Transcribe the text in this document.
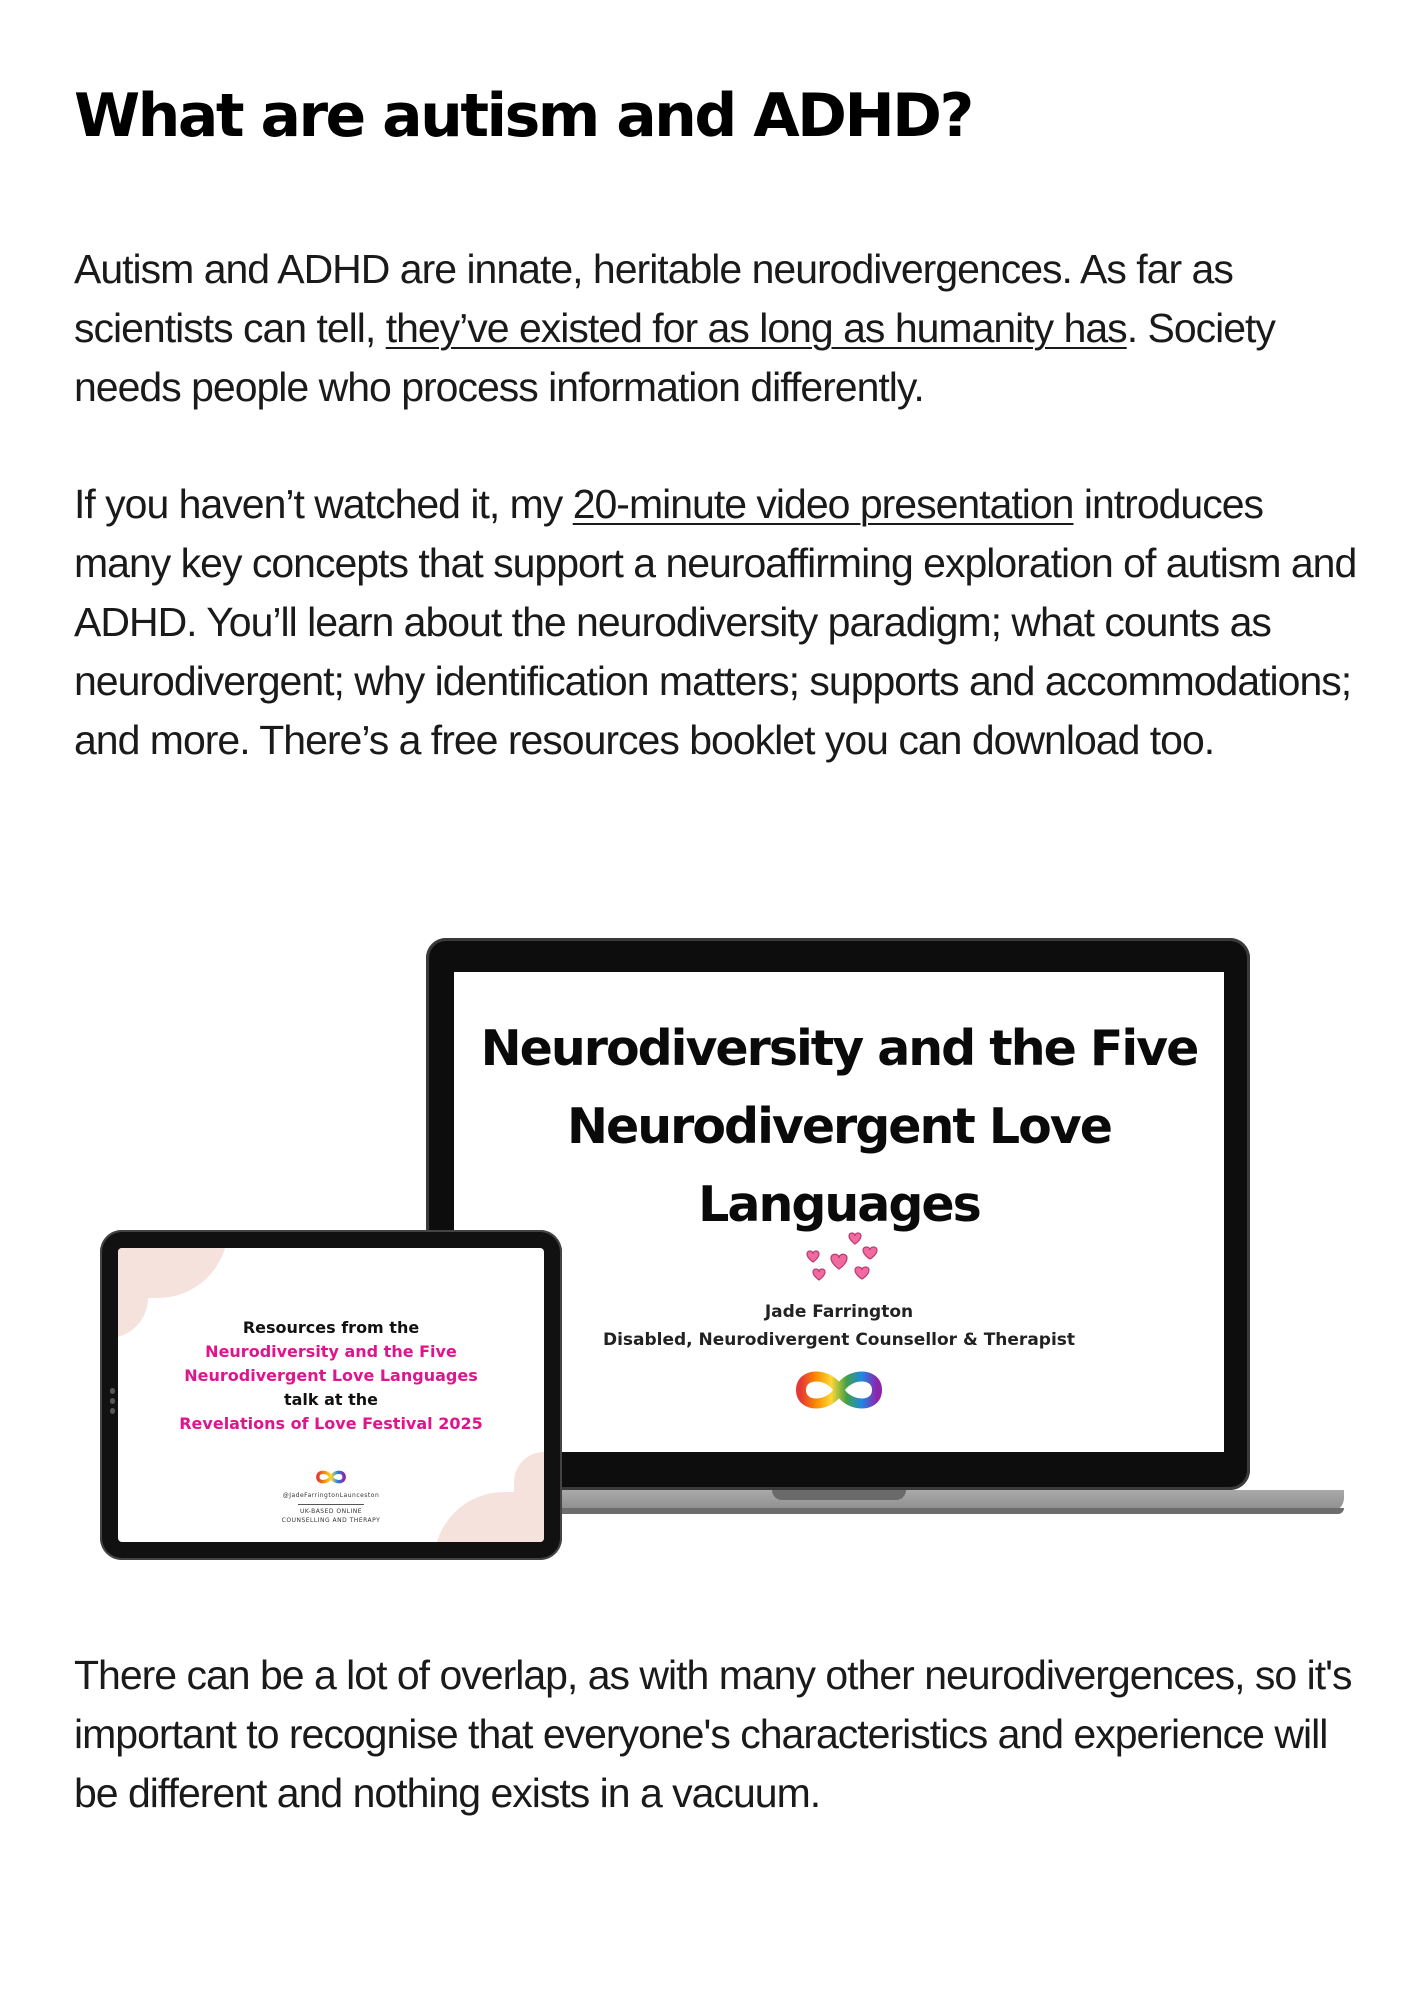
What are autism and ADHD?

Autism and ADHD are innate, heritable neurodivergences. As far as scientists can tell, they’ve existed for as long as humanity has. Society needs people who process information differently.

If you haven’t watched it, my 20-minute video presentation introduces many key concepts that support a neuroaffirming exploration of autism and ADHD. You’ll learn about the neurodiversity paradigm; what counts as neurodivergent; why identification matters; supports and accommodations; and more. There’s a free resources booklet you can download too.

Neurodiversity and the Five Neurodivergent Love Languages
Jade Farrington
Disabled, Neurodivergent Counsellor & Therapist
Resources from the
Neurodiversity and the Five
Neurodivergent Love Languages
talk at the
Revelations of Love Festival 2025
@JadeFarringtonLaunceston
UK-BASED ONLINE
COUNSELLING AND THERAPY

There can be a lot of overlap, as with many other neurodivergences, so it's important to recognise that everyone's characteristics and experience will be different and nothing exists in a vacuum.
